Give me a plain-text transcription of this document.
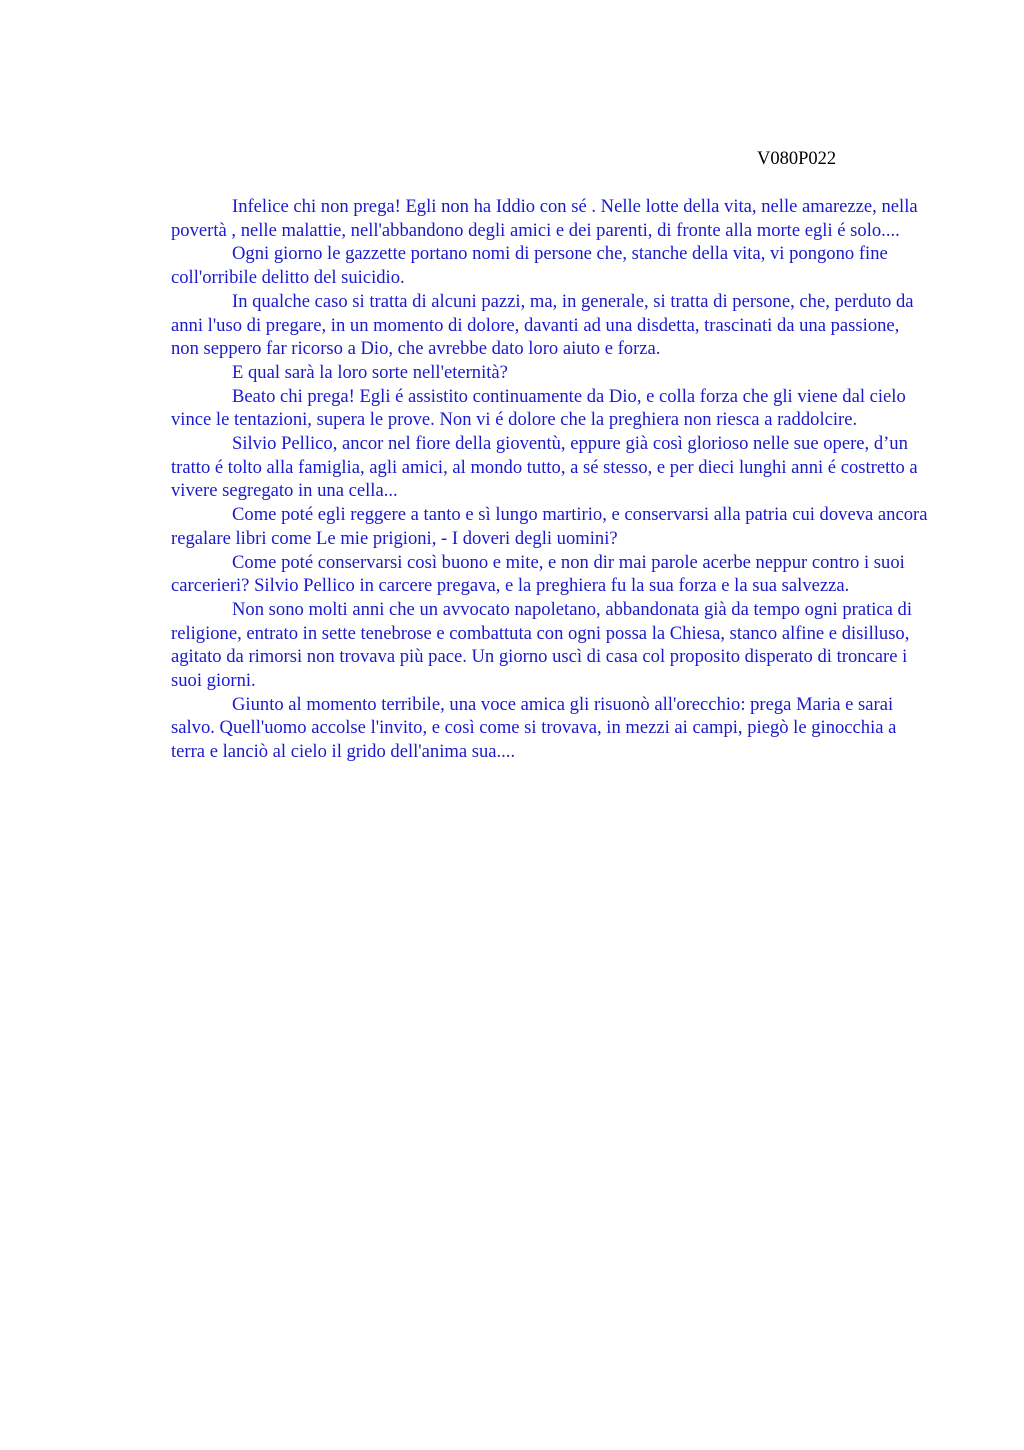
V080P022

Infelice chi non prega! Egli non ha Iddio con sé . Nelle lotte della vita, nelle amarezze, nella povertà , nelle malattie, nell'abbandono degli amici e dei parenti, di fronte alla morte egli é solo....

Ogni giorno le gazzette portano nomi di persone che, stanche della vita, vi pongono fine coll'orribile delitto del suicidio.

In qualche caso si tratta di alcuni pazzi, ma, in generale, si tratta di persone, che, perduto da anni l'uso di pregare, in un momento di dolore, davanti ad una disdetta, trascinati da una passione, non seppero far ricorso a Dio, che avrebbe dato loro aiuto e forza.

E qual sarà la loro sorte nell'eternità?

Beato chi prega! Egli é assistito continuamente da Dio, e colla forza che gli viene dal cielo vince le tentazioni, supera le prove. Non vi é dolore che la preghiera non riesca a raddolcire.

Silvio Pellico, ancor nel fiore della gioventù, eppure già così glorioso nelle sue opere, d’un tratto é tolto alla famiglia, agli amici, al mondo tutto, a sé stesso, e per dieci lunghi anni é costretto a vivere segregato in una cella...

Come poté egli reggere a tanto e sì lungo martirio, e conservarsi alla patria cui doveva ancora regalare libri come Le mie prigioni, - I doveri degli uomini?

Come poté conservarsi così buono e mite, e non dir mai parole acerbe neppur contro i suoi carcerieri? Silvio Pellico in carcere pregava, e la preghiera fu la sua forza e la sua salvezza.

Non sono molti anni che un avvocato napoletano, abbandonata già da tempo ogni pratica di religione, entrato in sette tenebrose e combattuta con ogni possa la Chiesa, stanco alfine e disilluso, agitato da rimorsi non trovava più pace. Un giorno uscì di casa col proposito disperato di troncare i suoi giorni.

Giunto al momento terribile, una voce amica gli risuonò all'orecchio: prega Maria e sarai salvo. Quell'uomo accolse l'invito, e così come si trovava, in mezzi ai campi, piegò le ginocchia a terra e lanciò al cielo il grido dell'anima sua....
